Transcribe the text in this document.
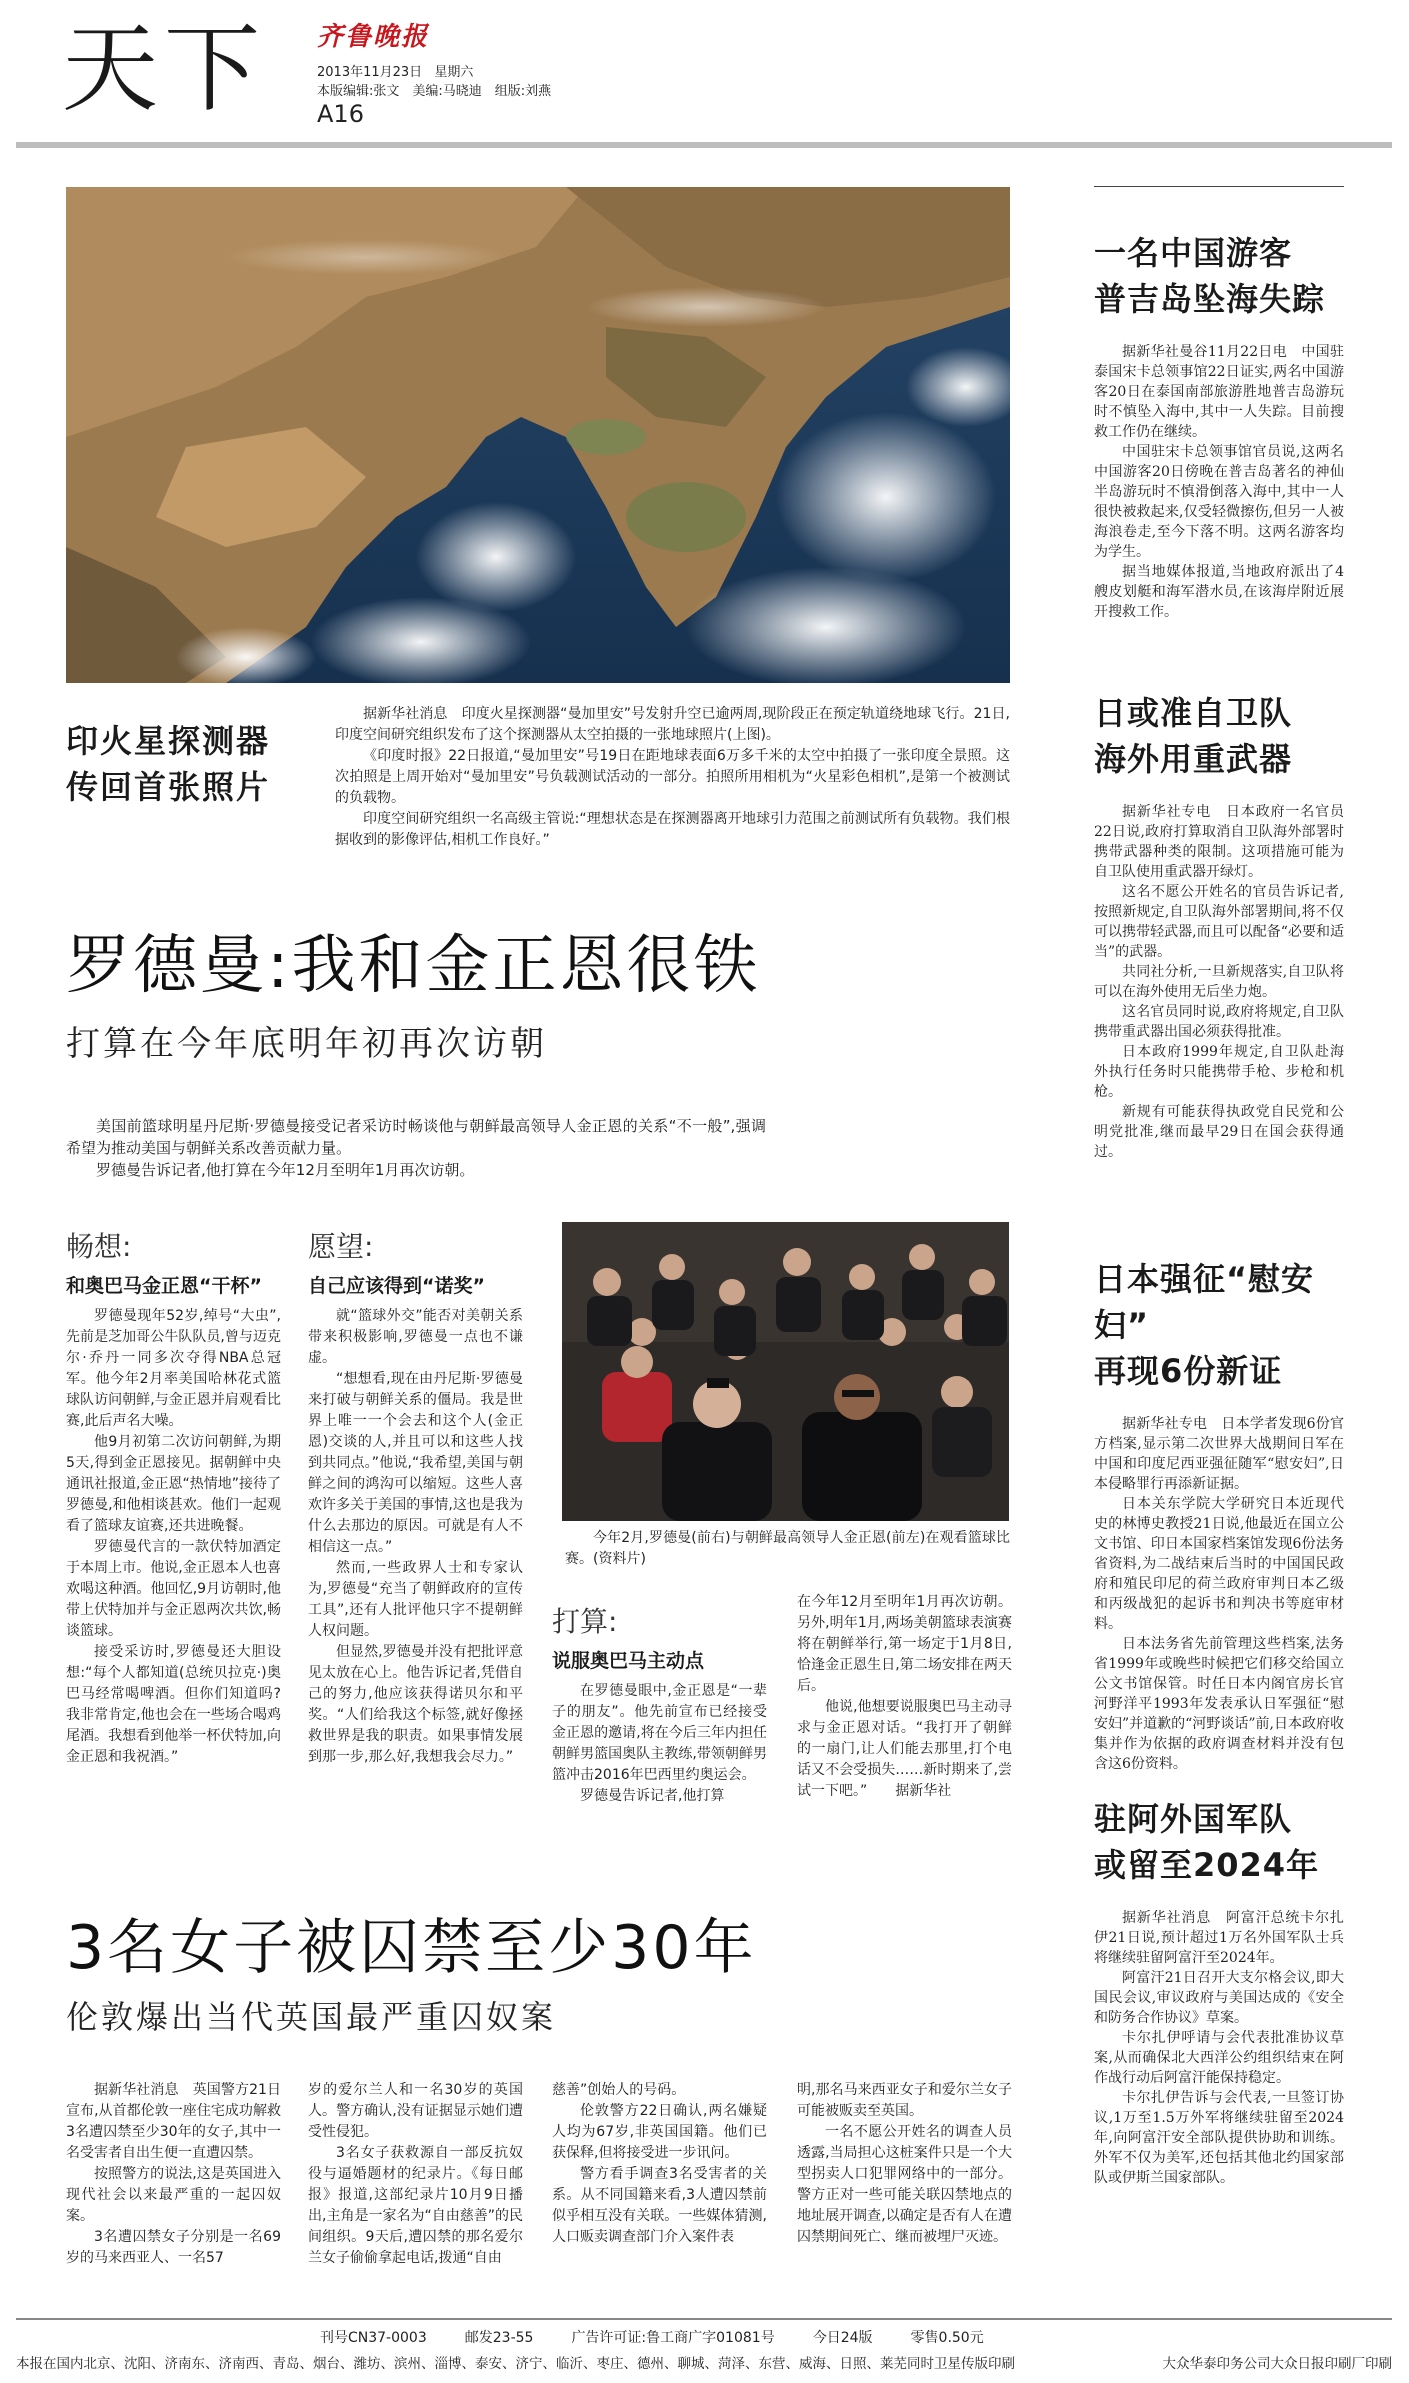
天下 齐鲁晚报
2013年11月23日 星期六
本版编辑:张文　美编:马晓迪　组版:刘燕
A16
印火星探测器
传回首张照片

据新华社消息　印度火星探测器“曼加里安”号发射升空已逾两周,现阶段正在预定轨道绕地球飞行。21日,印度空间研究组织发布了这个探测器从太空拍摄的一张地球照片(上图)。

《印度时报》22日报道,“曼加里安”号19日在距地球表面6万多千米的太空中拍摄了一张印度全景照。这次拍照是上周开始对“曼加里安”号负载测试活动的一部分。拍照所用相机为“火星彩色相机”,是第一个被测试的负载物。

印度空间研究组织一名高级主管说:“理想状态是在探测器离开地球引力范围之前测试所有负载物。我们根据收到的影像评估,相机工作良好。”

罗德曼:我和金正恩很铁
打算在今年底明年初再次访朝

美国前篮球明星丹尼斯·罗德曼接受记者采访时畅谈他与朝鲜最高领导人金正恩的关系“不一般”,强调希望为推动美国与朝鲜关系改善贡献力量。

罗德曼告诉记者,他打算在今年12月至明年1月再次访朝。

畅想:
和奥巴马金正恩“干杯”

罗德曼现年52岁,绰号“大虫”,先前是芝加哥公牛队队员,曾与迈克尔·乔丹一同多次夺得NBA总冠军。他今年2月率美国哈林花式篮球队访问朝鲜,与金正恩并肩观看比赛,此后声名大噪。

他9月初第二次访问朝鲜,为期5天,得到金正恩接见。据朝鲜中央通讯社报道,金正恩“热情地”接待了罗德曼,和他相谈甚欢。他们一起观看了篮球友谊赛,还共进晚餐。

罗德曼代言的一款伏特加酒定于本周上市。他说,金正恩本人也喜欢喝这种酒。他回忆,9月访朝时,他带上伏特加并与金正恩两次共饮,畅谈篮球。

接受采访时,罗德曼还大胆设想:“每个人都知道(总统贝拉克·)奥巴马经常喝啤酒。但你们知道吗?我非常肯定,他也会在一些场合喝鸡尾酒。我想看到他举一杯伏特加,向金正恩和我祝酒。”

愿望:
自己应该得到“诺奖”

就“篮球外交”能否对美朝关系带来积极影响,罗德曼一点也不谦虚。

“想想看,现在由丹尼斯·罗德曼来打破与朝鲜关系的僵局。我是世界上唯一一个会去和这个人(金正恩)交谈的人,并且可以和这些人找到共同点。”他说,“我希望,美国与朝鲜之间的鸿沟可以缩短。这些人喜欢许多关于美国的事情,这也是我为什么去那边的原因。可就是有人不相信这一点。”

然而,一些政界人士和专家认为,罗德曼“充当了朝鲜政府的宣传工具”,还有人批评他只字不提朝鲜人权问题。

但显然,罗德曼并没有把批评意见太放在心上。他告诉记者,凭借自己的努力,他应该获得诺贝尔和平奖。“人们给我这个标签,就好像拯救世界是我的职责。如果事情发展到那一步,那么好,我想我会尽力。”

今年2月,罗德曼(前右)与朝鲜最高领导人金正恩(前左)在观看篮球比赛。(资料片)
打算:
说服奥巴马主动点

在罗德曼眼中,金正恩是“一辈子的朋友”。他先前宣布已经接受金正恩的邀请,将在今后三年内担任朝鲜男篮国奥队主教练,带领朝鲜男篮冲击2016年巴西里约奥运会。

罗德曼告诉记者,他打算

在今年12月至明年1月再次访朝。另外,明年1月,两场美朝篮球表演赛将在朝鲜举行,第一场定于1月8日,恰逢金正恩生日,第二场安排在两天后。

他说,他想要说服奥巴马主动寻求与金正恩对话。“我打开了朝鲜的一扇门,让人们能去那里,打个电话又不会受损失……新时期来了,尝试一下吧。”　　据新华社

3名女子被囚禁至少30年
伦敦爆出当代英国最严重囚奴案

据新华社消息　英国警方21日宣布,从首都伦敦一座住宅成功解救3名遭囚禁至少30年的女子,其中一名受害者自出生便一直遭囚禁。

按照警方的说法,这是英国进入现代社会以来最严重的一起囚奴案。

3名遭囚禁女子分别是一名69岁的马来西亚人、一名57

岁的爱尔兰人和一名30岁的英国人。警方确认,没有证据显示她们遭受性侵犯。

3名女子获救源自一部反抗奴役与逼婚题材的纪录片。《每日邮报》报道,这部纪录片10月9日播出,主角是一家名为“自由慈善”的民间组织。9天后,遭囚禁的那名爱尔兰女子偷偷拿起电话,拨通“自由

慈善”创始人的号码。

伦敦警方22日确认,两名嫌疑人均为67岁,非英国国籍。他们已获保释,但将接受进一步讯问。

警方看手调查3名受害者的关系。从不同国籍来看,3人遭囚禁前似乎相互没有关联。一些媒体猜测,人口贩卖调查部门介入案件表

明,那名马来西亚女子和爱尔兰女子可能被贩卖至英国。

一名不愿公开姓名的调查人员透露,当局担心这桩案件只是一个大型拐卖人口犯罪网络中的一部分。警方正对一些可能关联囚禁地点的地址展开调查,以确定是否有人在遭囚禁期间死亡、继而被埋尸灭迹。

一名中国游客
普吉岛坠海失踪

据新华社曼谷11月22日电　中国驻泰国宋卡总领事馆22日证实,两名中国游客20日在泰国南部旅游胜地普吉岛游玩时不慎坠入海中,其中一人失踪。目前搜救工作仍在继续。

中国驻宋卡总领事馆官员说,这两名中国游客20日傍晚在普吉岛著名的神仙半岛游玩时不慎滑倒落入海中,其中一人很快被救起来,仅受轻微擦伤,但另一人被海浪卷走,至今下落不明。这两名游客均为学生。

据当地媒体报道,当地政府派出了4艘皮划艇和海军潜水员,在该海岸附近展开搜救工作。

日或准自卫队
海外用重武器

据新华社专电　日本政府一名官员22日说,政府打算取消自卫队海外部署时携带武器种类的限制。这项措施可能为自卫队使用重武器开绿灯。

这名不愿公开姓名的官员告诉记者,按照新规定,自卫队海外部署期间,将不仅可以携带轻武器,而且可以配备“必要和适当”的武器。

共同社分析,一旦新规落实,自卫队将可以在海外使用无后坐力炮。

这名官员同时说,政府将规定,自卫队携带重武器出国必须获得批准。

日本政府1999年规定,自卫队赴海外执行任务时只能携带手枪、步枪和机枪。

新规有可能获得执政党自民党和公明党批准,继而最早29日在国会获得通过。

日本强征“慰安妇”
再现6份新证

据新华社专电　日本学者发现6份官方档案,显示第二次世界大战期间日军在中国和印度尼西亚强征随军“慰安妇”,日本侵略罪行再添新证据。

日本关东学院大学研究日本近现代史的林博史教授21日说,他最近在国立公文书馆、印日本国家档案馆发现6份法务省资料,为二战结束后当时的中国国民政府和殖民印尼的荷兰政府审判日本乙级和丙级战犯的起诉书和判决书等庭审材料。

日本法务省先前管理这些档案,法务省1999年或晚些时候把它们移交给国立公文书馆保管。时任日本内阁官房长官河野洋平1993年发表承认日军强征“慰安妇”并道歉的“河野谈话”前,日本政府收集并作为依据的政府调查材料并没有包含这6份资料。

驻阿外国军队
或留至2024年

据新华社消息　阿富汗总统卡尔扎伊21日说,预计超过1万名外国军队士兵将继续驻留阿富汗至2024年。

阿富汗21日召开大支尔格会议,即大国民会议,审议政府与美国达成的《安全和防务合作协议》草案。

卡尔扎伊呼请与会代表批准协议草案,从而确保北大西洋公约组织结束在阿作战行动后阿富汗能保持稳定。

卡尔扎伊告诉与会代表,一旦签订协议,1万至1.5万外军将继续驻留至2024年,向阿富汗安全部队提供协助和训练。外军不仅为美军,还包括其他北约国家部队或伊斯兰国家部队。

刊号CN37-0003	邮发23-55	广告许可证:鲁工商广字01081号	今日24版	零售0.50元
本报在国内北京、沈阳、济南东、济南西、青岛、烟台、潍坊、滨州、淄博、泰安、济宁、临沂、枣庄、德州、聊城、菏泽、东营、威海、日照、莱芜同时卫星传版印刷	大众华泰印务公司大众日报印刷厂印刷
